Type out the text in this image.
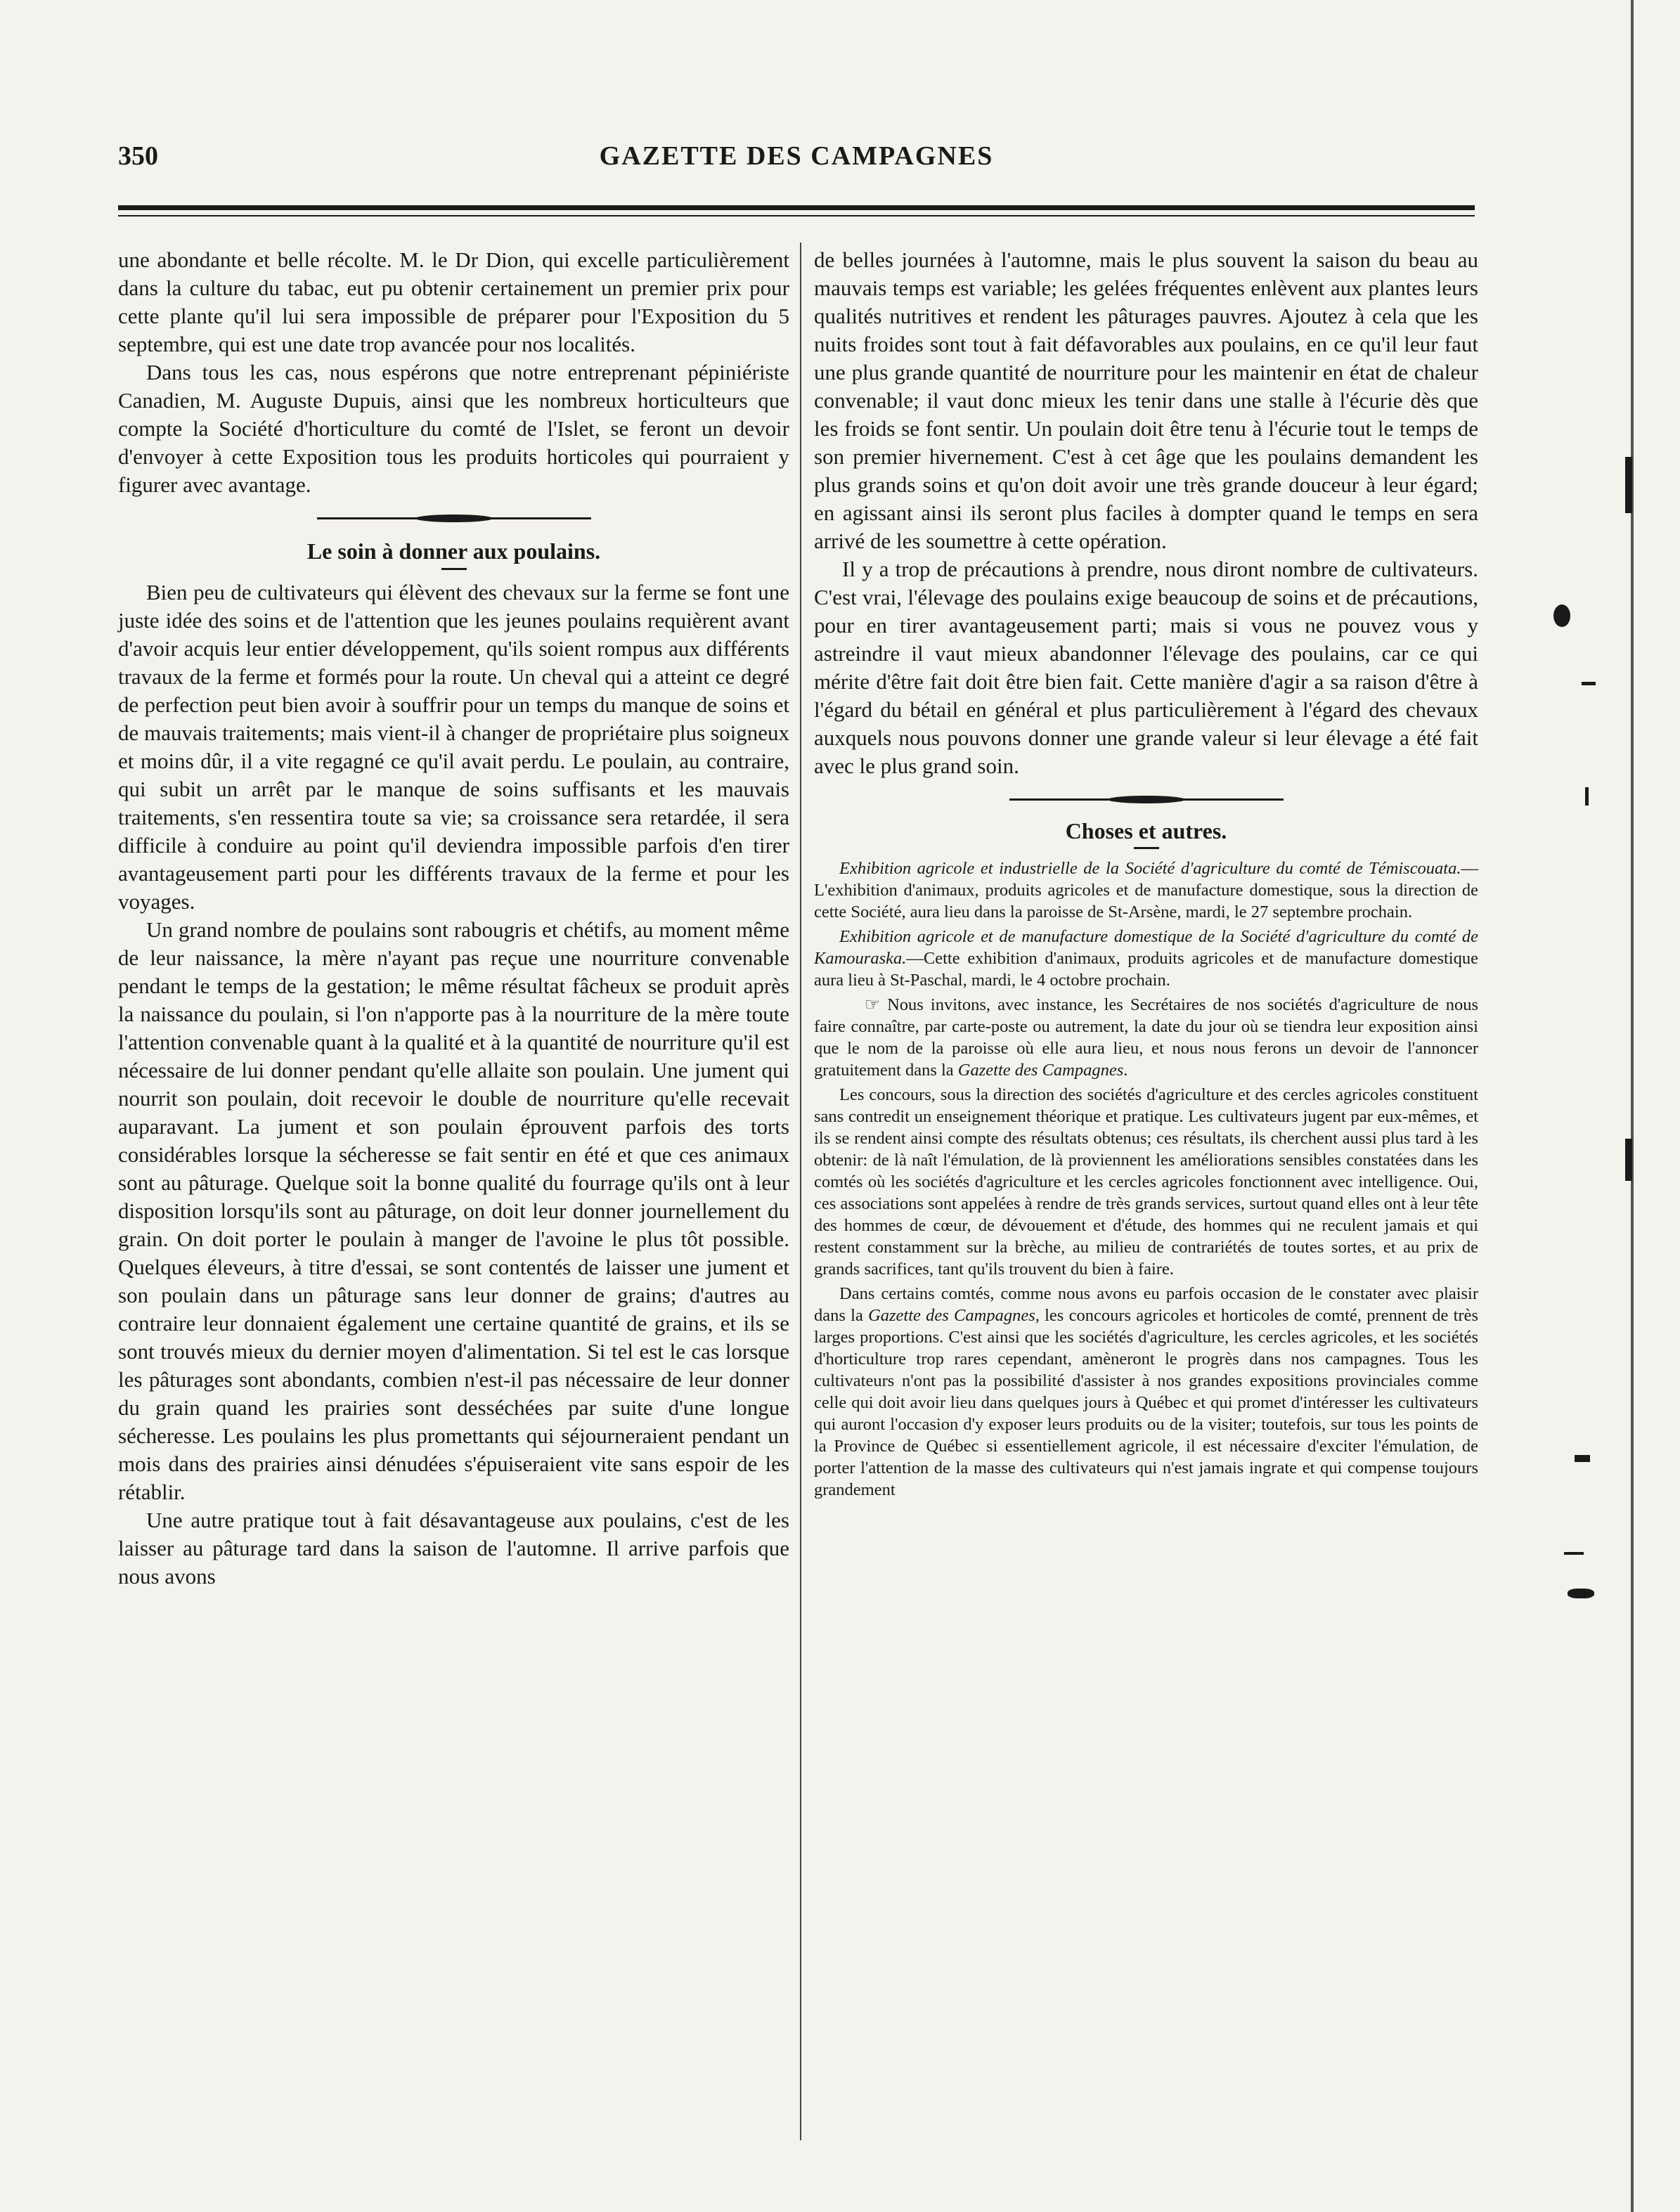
350	GAZETTE DES CAMPAGNES

une abondante et belle récolte. M. le Dr Dion, qui excelle particulièrement dans la culture du tabac, eut pu obtenir certainement un premier prix pour cette plante qu'il lui sera impossible de préparer pour l'Exposition du 5 septembre, qui est une date trop avancée pour nos localités.

Dans tous les cas, nous espérons que notre entreprenant pépiniériste Canadien, M. Auguste Dupuis, ainsi que les nombreux horticulteurs que compte la Société d'horticulture du comté de l'Islet, se feront un devoir d'envoyer à cette Exposition tous les produits horticoles qui pourraient y figurer avec avantage.

Le soin à donner aux poulains.

Bien peu de cultivateurs qui élèvent des chevaux sur la ferme se font une juste idée des soins et de l'attention que les jeunes poulains requièrent avant d'avoir acquis leur entier développement, qu'ils soient rompus aux différents travaux de la ferme et formés pour la route. Un cheval qui a atteint ce degré de perfection peut bien avoir à souffrir pour un temps du manque de soins et de mauvais traitements; mais vient-il à changer de propriétaire plus soigneux et moins dûr, il a vite regagné ce qu'il avait perdu. Le poulain, au contraire, qui subit un arrêt par le manque de soins suffisants et les mauvais traitements, s'en ressentira toute sa vie; sa croissance sera retardée, il sera difficile à conduire au point qu'il deviendra impossible parfois d'en tirer avantageusement parti pour les différents travaux de la ferme et pour les voyages.

Un grand nombre de poulains sont rabougris et chétifs, au moment même de leur naissance, la mère n'ayant pas reçue une nourriture convenable pendant le temps de la gestation; le même résultat fâcheux se produit après la naissance du poulain, si l'on n'apporte pas à la nourriture de la mère toute l'attention convenable quant à la qualité et à la quantité de nourriture qu'il est nécessaire de lui donner pendant qu'elle allaite son poulain. Une jument qui nourrit son poulain, doit recevoir le double de nourriture qu'elle recevait auparavant. La jument et son poulain éprouvent parfois des torts considérables lorsque la sécheresse se fait sentir en été et que ces animaux sont au pâturage. Quelque soit la bonne qualité du fourrage qu'ils ont à leur disposition lorsqu'ils sont au pâturage, on doit leur donner journellement du grain. On doit porter le poulain à manger de l'avoine le plus tôt possible. Quelques éleveurs, à titre d'essai, se sont contentés de laisser une jument et son poulain dans un pâturage sans leur donner de grains; d'autres au contraire leur donnaient également une certaine quantité de grains, et ils se sont trouvés mieux du dernier moyen d'alimentation. Si tel est le cas lorsque les pâturages sont abondants, combien n'est-il pas nécessaire de leur donner du grain quand les prairies sont desséchées par suite d'une longue sécheresse. Les poulains les plus promettants qui séjourneraient pendant un mois dans des prairies ainsi dénudées s'épuiseraient vite sans espoir de les rétablir.

Une autre pratique tout à fait désavantageuse aux poulains, c'est de les laisser au pâturage tard dans la saison de l'automne. Il arrive parfois que nous avons

de belles journées à l'automne, mais le plus souvent la saison du beau au mauvais temps est variable; les gelées fréquentes enlèvent aux plantes leurs qualités nutritives et rendent les pâturages pauvres. Ajoutez à cela que les nuits froides sont tout à fait défavorables aux poulains, en ce qu'il leur faut une plus grande quantité de nourriture pour les maintenir en état de chaleur convenable; il vaut donc mieux les tenir dans une stalle à l'écurie dès que les froids se font sentir. Un poulain doit être tenu à l'écurie tout le temps de son premier hivernement. C'est à cet âge que les poulains demandent les plus grands soins et qu'on doit avoir une très grande douceur à leur égard; en agissant ainsi ils seront plus faciles à dompter quand le temps en sera arrivé de les soumettre à cette opération.

Il y a trop de précautions à prendre, nous diront nombre de cultivateurs. C'est vrai, l'élevage des poulains exige beaucoup de soins et de précautions, pour en tirer avantageusement parti; mais si vous ne pouvez vous y astreindre il vaut mieux abandonner l'élevage des poulains, car ce qui mérite d'être fait doit être bien fait. Cette manière d'agir a sa raison d'être à l'égard du bétail en général et plus particulièrement à l'égard des chevaux auxquels nous pouvons donner une grande valeur si leur élevage a été fait avec le plus grand soin.

Choses et autres.

Exhibition agricole et industrielle de la Société d'agriculture du comté de Témiscouata.—L'exhibition d'animaux, produits agricoles et de manufacture domestique, sous la direction de cette Société, aura lieu dans la paroisse de St-Arsène, mardi, le 27 septembre prochain.

Exhibition agricole et de manufacture domestique de la Société d'agriculture du comté de Kamouraska.—Cette exhibition d'animaux, produits agricoles et de manufacture domestique aura lieu à St-Paschal, mardi, le 4 octobre prochain.

☞ Nous invitons, avec instance, les Secrétaires de nos sociétés d'agriculture de nous faire connaître, par carte-poste ou autrement, la date du jour où se tiendra leur exposition ainsi que le nom de la paroisse où elle aura lieu, et nous nous ferons un devoir de l'annoncer gratuitement dans la Gazette des Campagnes.

Les concours, sous la direction des sociétés d'agriculture et des cercles agricoles constituent sans contredit un enseignement théorique et pratique. Les cultivateurs jugent par eux-mêmes, et ils se rendent ainsi compte des résultats obtenus; ces résultats, ils cherchent aussi plus tard à les obtenir: de là naît l'émulation, de là proviennent les améliorations sensibles constatées dans les comtés où les sociétés d'agriculture et les cercles agricoles fonctionnent avec intelligence. Oui, ces associations sont appelées à rendre de très grands services, surtout quand elles ont à leur tête des hommes de cœur, de dévouement et d'étude, des hommes qui ne reculent jamais et qui restent constamment sur la brèche, au milieu de contrariétés de toutes sortes, et au prix de grands sacrifices, tant qu'ils trouvent du bien à faire.

Dans certains comtés, comme nous avons eu parfois occasion de le constater avec plaisir dans la Gazette des Campagnes, les concours agricoles et horticoles de comté, prennent de très larges proportions. C'est ainsi que les sociétés d'agriculture, les cercles agricoles, et les sociétés d'horticulture trop rares cependant, amèneront le progrès dans nos campagnes. Tous les cultivateurs n'ont pas la possibilité d'assister à nos grandes expositions provinciales comme celle qui doit avoir lieu dans quelques jours à Québec et qui promet d'intéresser les cultivateurs qui auront l'occasion d'y exposer leurs produits ou de la visiter; toutefois, sur tous les points de la Province de Québec si essentiellement agricole, il est nécessaire d'exciter l'émulation, de porter l'attention de la masse des cultivateurs qui n'est jamais ingrate et qui compense toujours grandement
